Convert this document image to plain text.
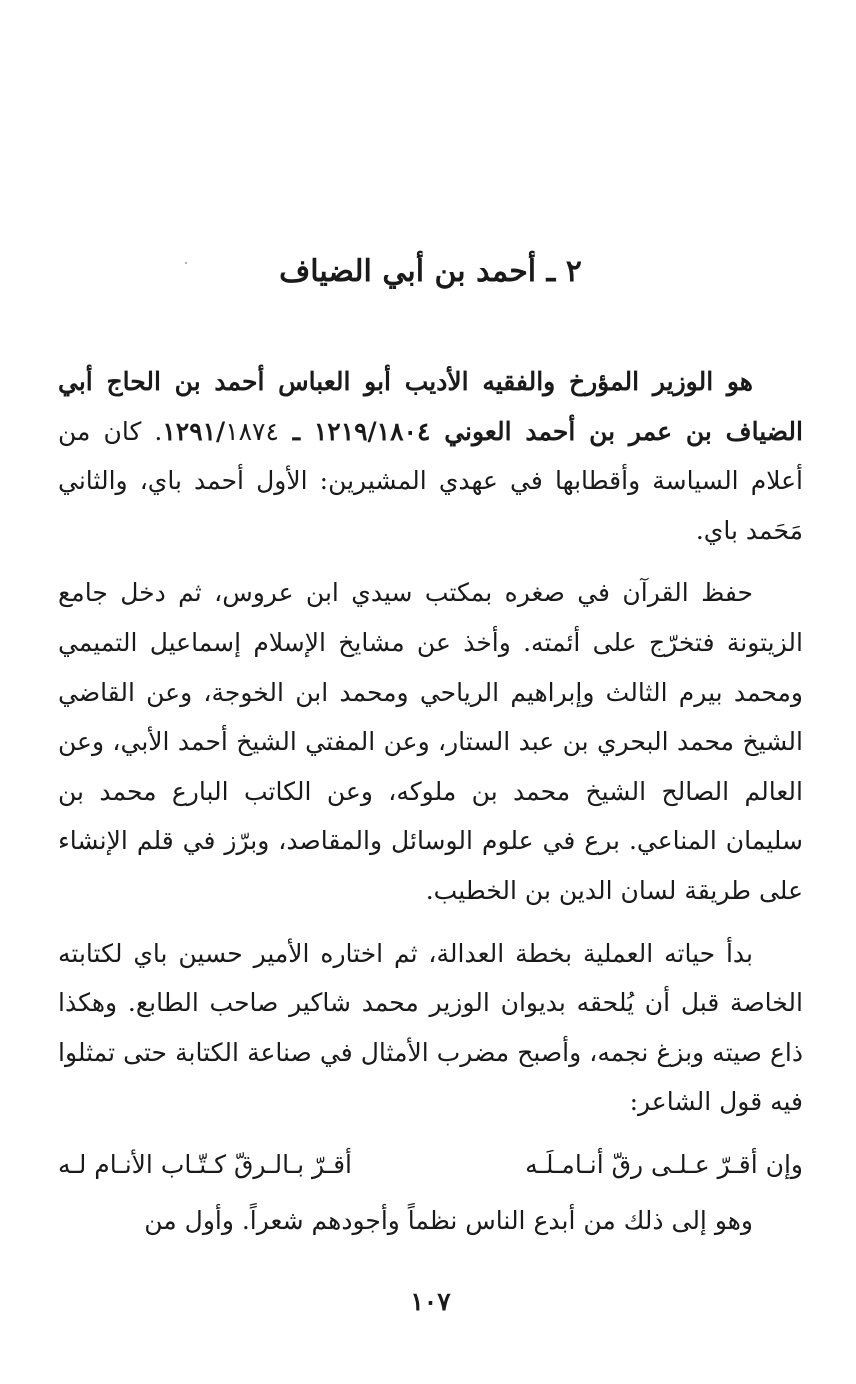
٢ ـ أحمد بن أبي الضياف

هو الوزير المؤرخ والفقيه الأديب أبو العباس أحمد بن الحاج أبي الضياف بن عمر بن أحمد العوني ١٢١٩/١٨٠٤ ـ ١٢٩١/١٨٧٤. كان من أعلام السياسة وأقطابها في عهدي المشيرين: الأول أحمد باي، والثاني مَحَمد باي.

حفظ القرآن في صغره بمكتب سيدي ابن عروس، ثم دخل جامع الزيتونة فتخرّج على أئمته. وأخذ عن مشايخ الإسلام إسماعيل التميمي ومحمد بيرم الثالث وإبراهيم الرياحي ومحمد ابن الخوجة، وعن القاضي الشيخ محمد البحري بن عبد الستار، وعن المفتي الشيخ أحمد الأبي، وعن العالم الصالح الشيخ محمد بن ملوكه، وعن الكاتب البارع محمد بن سليمان المناعي. برع في علوم الوسائل والمقاصد، وبرّز في قلم الإنشاء على طريقة لسان الدين بن الخطيب.

بدأ حياته العملية بخطة العدالة، ثم اختاره الأمير حسين باي لكتابته الخاصة قبل أن يُلحقه بديوان الوزير محمد شاكير صاحب الطابع. وهكذا ذاع صيته وبزغ نجمه، وأصبح مضرب الأمثال في صناعة الكتابة حتى تمثلوا فيه قول الشاعر:

وإن أقـرّ عـلـى رقّ أنـامـلَـه
أقـرّ بـالـرقّ كـتّـاب الأنـام لـه

وهو إلى ذلك من أبدع الناس نظماً وأجودهم شعراً. وأول من

١٠٧
